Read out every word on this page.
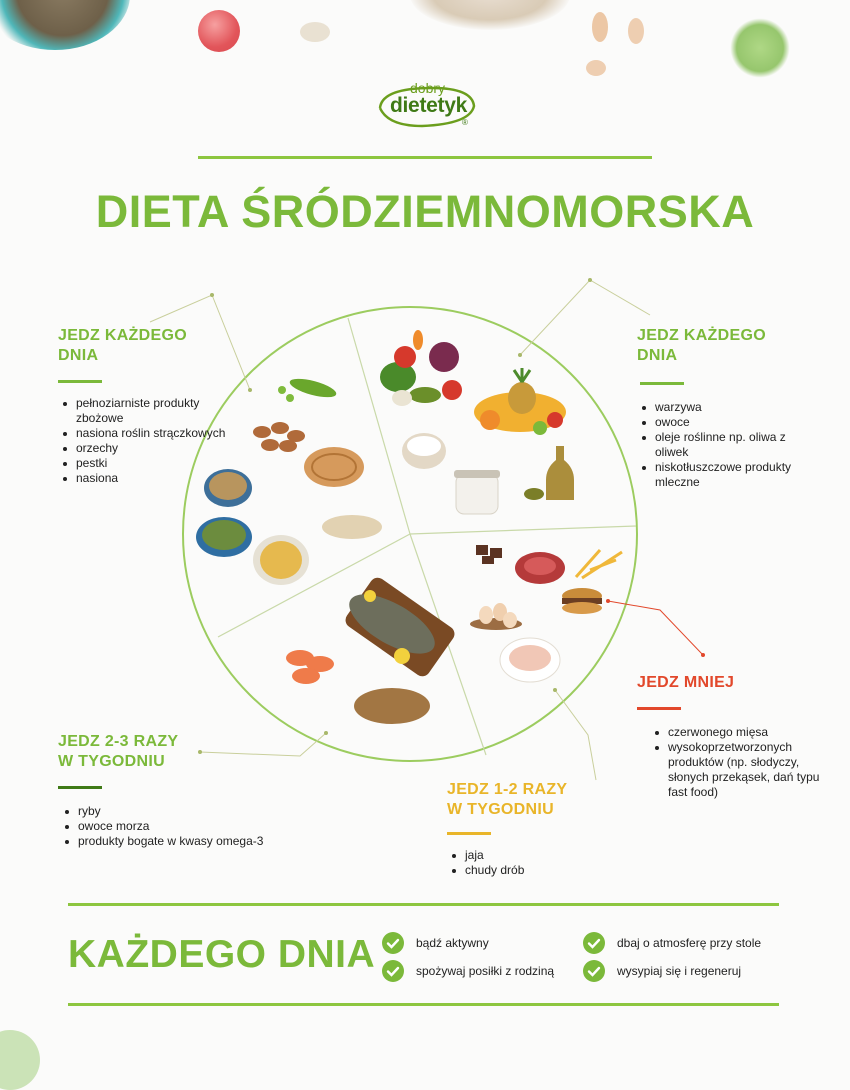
dobry
dietetyk
®
DIETA ŚRÓDZIEMNOMORSKA
JEDZ KAŻDEGO
DNIA
pełnoziarniste produkty zbożowe
nasiona roślin strączkowych
orzechy
pestki
nasiona
JEDZ KAŻDEGO
DNIA
warzywa
owoce
oleje roślinne np. oliwa z oliwek
niskotłuszczowe produkty mleczne
JEDZ MNIEJ
czerwonego mięsa
wysokoprzetworzonych produktów (np. słodyczy, słonych przekąsek, dań typu fast food)
JEDZ 1-2 RAZY
W TYGODNIU
jaja
chudy drób
JEDZ 2-3 RAZY
W TYGODNIU
ryby
owoce morza
produkty bogate w kwasy omega-3
KAŻDEGO DNIA	bądź aktywny	dbaj o atmosferę przy stole
spożywaj posiłki z rodziną	wysypiaj się i regeneruj
